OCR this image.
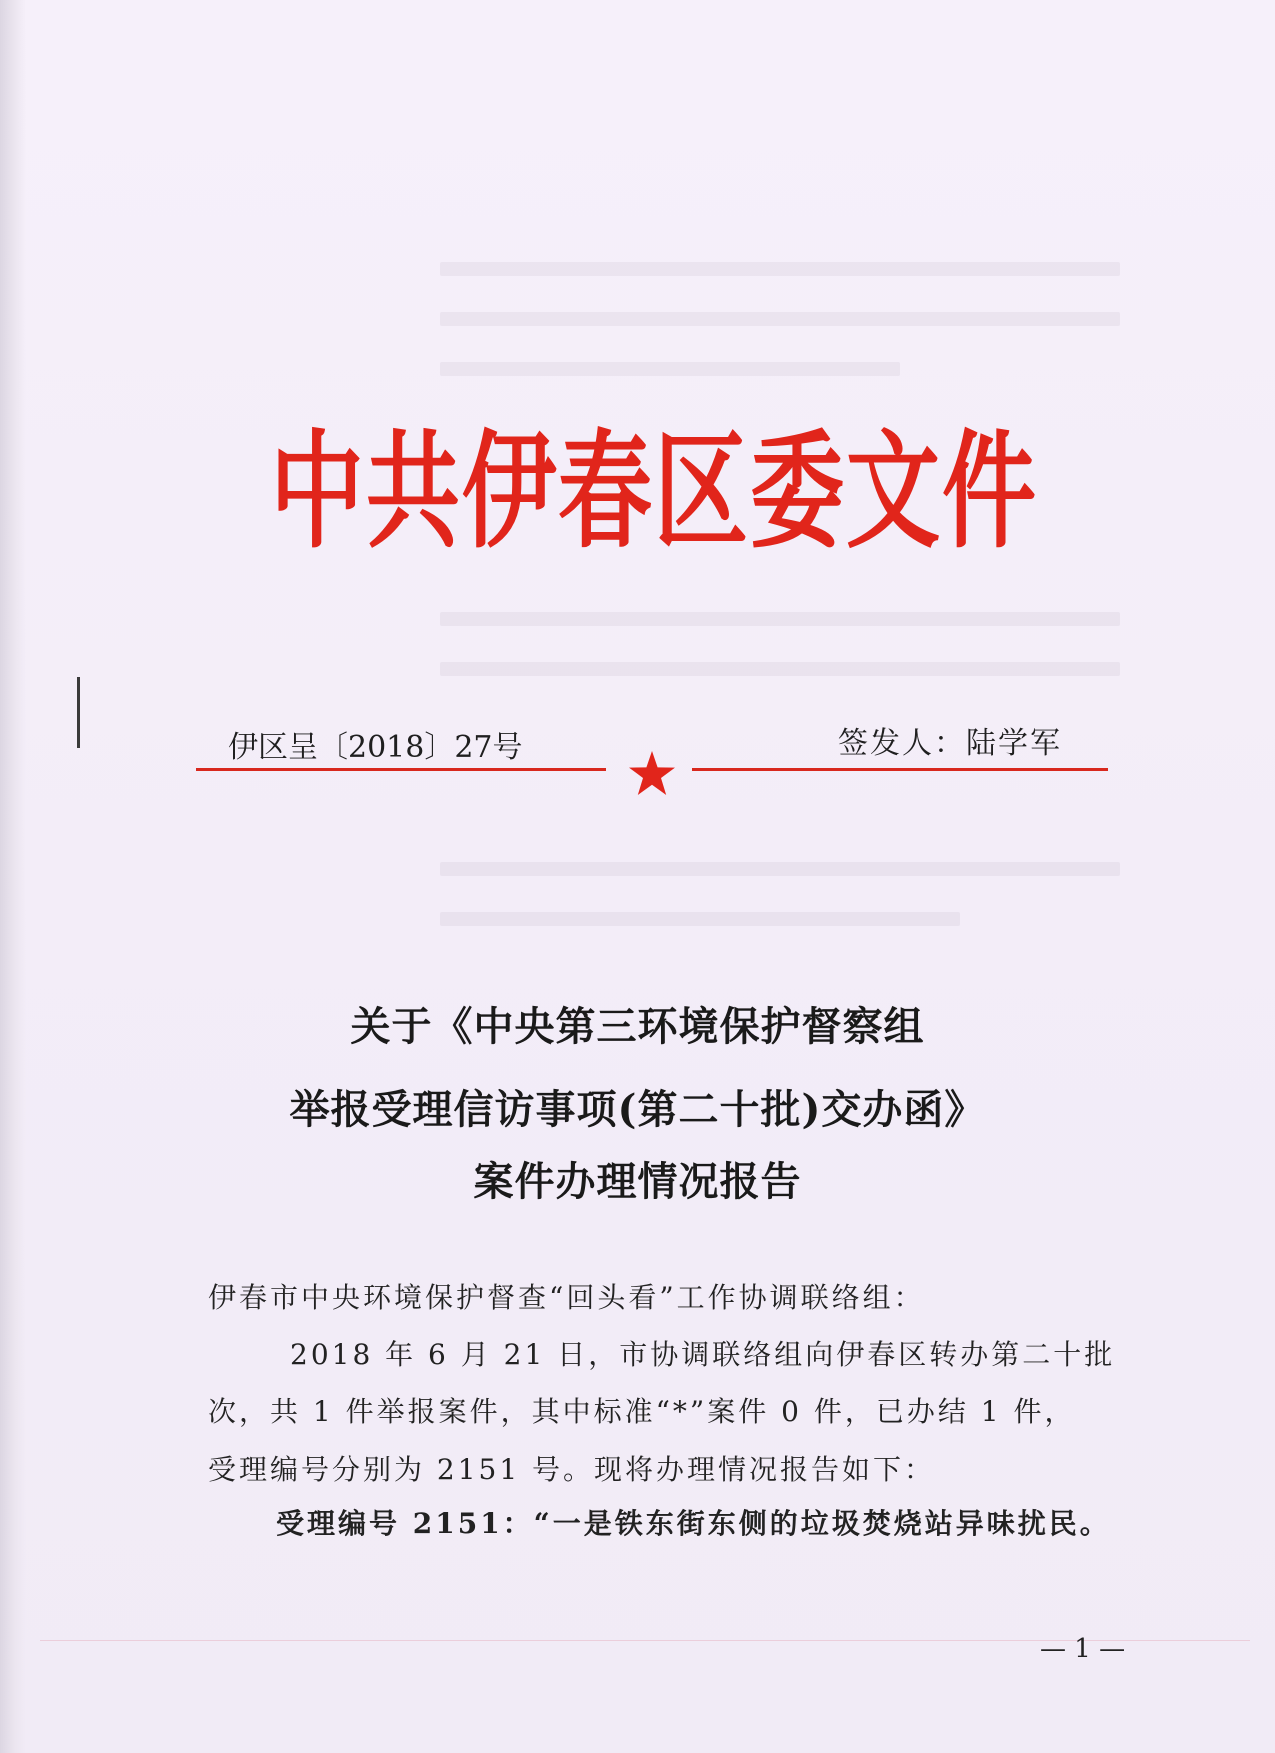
中共伊春区委文件
伊区呈〔2018〕27号	签发人：陆学军
关于《中央第三环境保护督察组
举报受理信访事项(第二十批)交办函》
案件办理情况报告
伊春市中央环境保护督查“回头看”工作协调联络组：
2018 年 6 月 21 日，市协调联络组向伊春区转办第二十批
次，共 1 件举报案件，其中标准“*”案件 0 件，已办结 1 件，
受理编号分别为 2151 号。现将办理情况报告如下：
受理编号 2151：“一是铁东街东侧的垃圾焚烧站异味扰民。
— 1 —
